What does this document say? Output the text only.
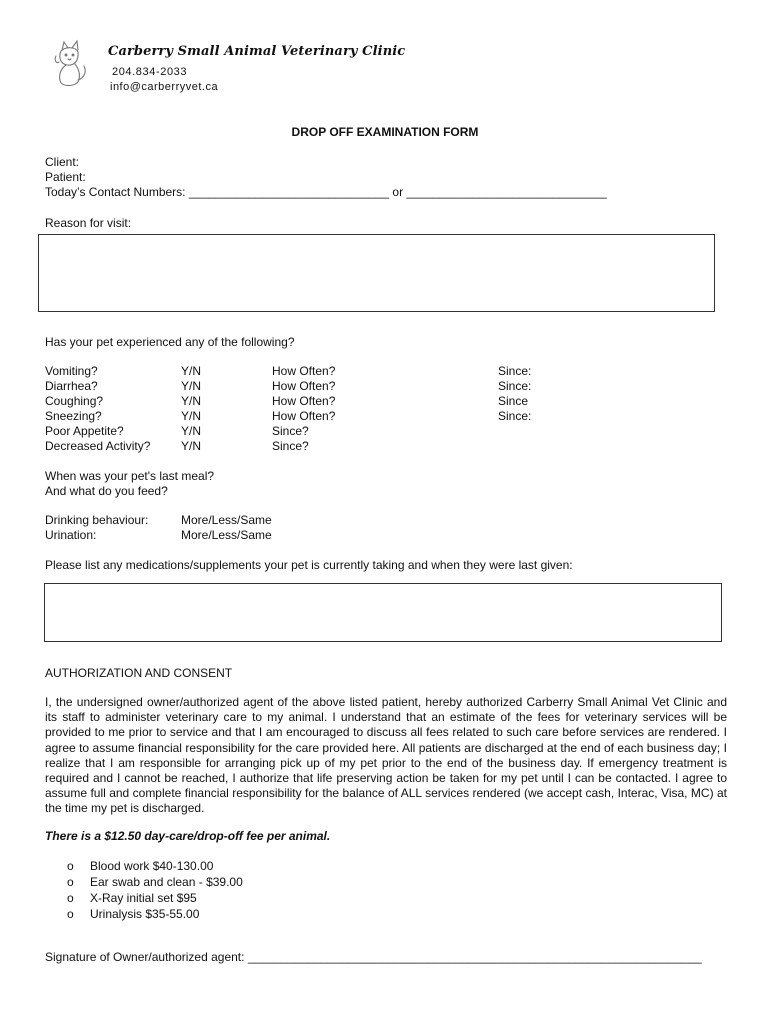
Carberry Small Animal Veterinary Clinic
204.834-2033
info@carberryvet.ca
DROP OFF EXAMINATION FORM
Client:
Patient:
Today’s Contact Numbers: ______________________________ or ______________________________
Reason for visit:
Has your pet experienced any of the following?
Vomiting?	Y/N	How Often?	Since:
Diarrhea?	Y/N	How Often?	Since:
Coughing?	Y/N	How Often?	Since
Sneezing?	Y/N	How Often?	Since:
Poor Appetite?	Y/N	Since?
Decreased Activity?	Y/N	Since?
When was your pet's last meal?
And what do you feed?
Drinking behaviour:	More/Less/Same
Urination:	More/Less/Same
Please list any medications/supplements your pet is currently taking and when they were last given:
AUTHORIZATION AND CONSENT
I, the undersigned owner/authorized agent of the above listed patient, hereby authorized Carberry Small Animal Vet Clinic and its staff to administer veterinary care to my animal. I understand that an estimate of the fees for veterinary services will be provided to me prior to service and that I am encouraged to discuss all fees related to such care before services are rendered. I agree to assume financial responsibility for the care provided here. All patients are discharged at the end of each business day; I realize that I am responsible for arranging pick up of my pet prior to the end of the business day. If emergency treatment is required and I cannot be reached, I authorize that life preserving action be taken for my pet until I can be contacted. I agree to assume full and complete financial responsibility for the balance of ALL services rendered (we accept cash, Interac, Visa, MC) at the time my pet is discharged.
There is a $12.50 day-care/drop-off fee per animal.
o Blood work $40-130.00
o Ear swab and clean - $39.00
o X-Ray initial set $95
o Urinalysis $35-55.00
Signature of Owner/authorized agent: ____________________________________________________________________
